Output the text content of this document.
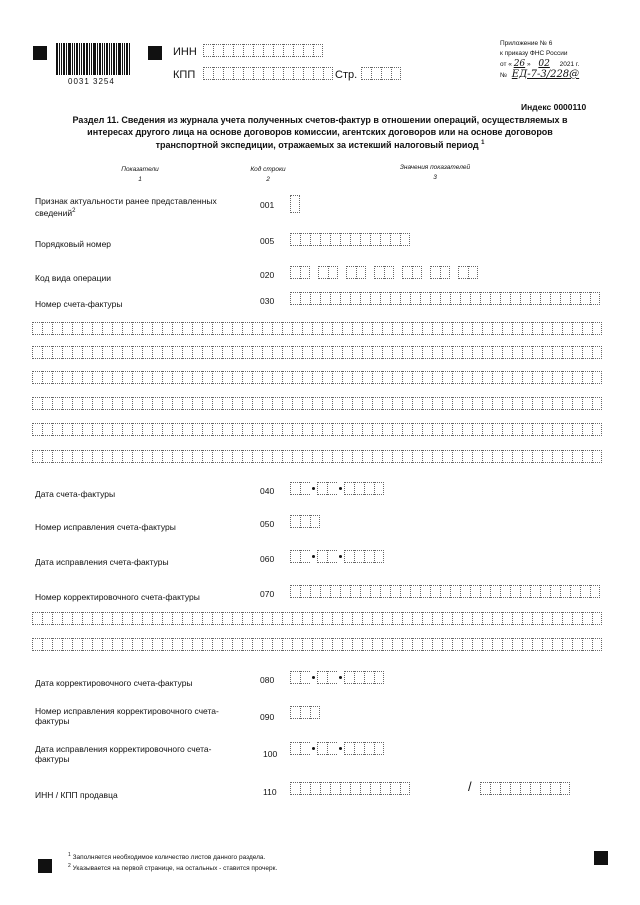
0031 3254
ИНН
КПП	Стр.
Приложение № 6
к приказу ФНС России
от « 26 » 02 2021 г.
№ ЕД-7-3/228@
Индекс 0000110
Раздел 11. Сведения из журнала учета полученных счетов-фактур в отношении операций, осуществляемых в
интересах другого лица на основе договоров комиссии, агентских договоров или на основе договоров
транспортной экспедиции, отражаемых за истекший налоговый период $^1$
Показатели
1
Код строки
2
Значения показателей
3
Признак актуальности ранее представленных сведений$^2$
001
Порядковый номер	005
Код вида операции	020
Номер счета-фактуры	030
Дата счета-фактуры	040
Номер исправления счета-фактуры	050
Дата исправления счета-фактуры	060
Номер корректировочного счета-фактуры	070
Дата корректировочного счета-фактуры	080
Номер исправления корректировочного счета-фактуры	090
Дата исправления корректировочного счета-фактуры	100
ИНН / КПП продавца	110	/
$^1$ Заполняется необходимое количество листов данного раздела.
$^2$ Указывается на первой странице, на остальных - ставится прочерк.
